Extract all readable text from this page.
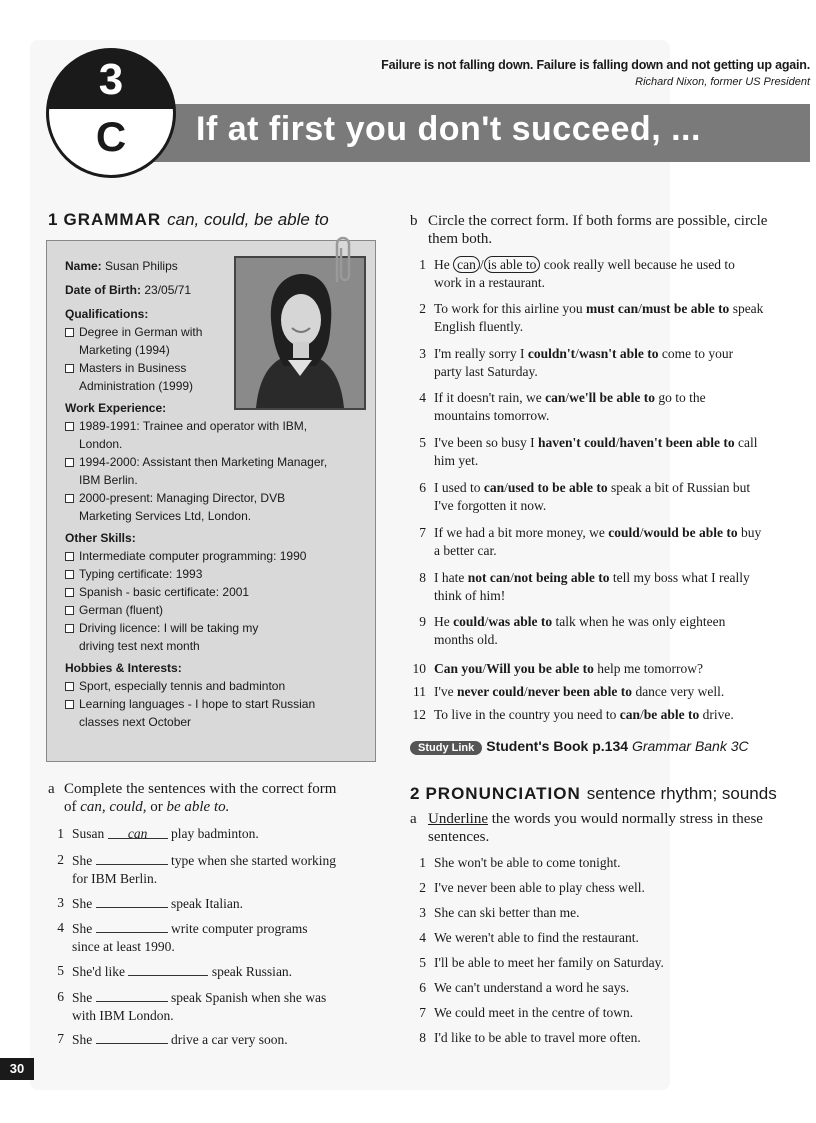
Failure is not falling down. Failure is falling down and not getting up again.
Richard Nixon, former US President
If at first you don't succeed, ...
3
C
1 GRAMMAR can, could, be able to

Name: Susan Philips

Date of Birth: 23/05/71

Qualifications:

Degree in German with

Marketing (1994)

Masters in Business

Administration (1999)

Work Experience:

1989-1991: Trainee and operator with IBM,

London.

1994-2000: Assistant then Marketing Manager,

IBM Berlin.

2000-present: Managing Director, DVB

Marketing Services Ltd, London.

Other Skills:

Intermediate computer programming: 1990

Typing certificate: 1993

Spanish - basic certificate: 2001

German (fluent)

Driving licence: I will be taking my

driving test next month

Hobbies & Interests:

Sport, especially tennis and badminton

Learning languages - I hope to start Russian

classes next October

a Complete the sentences with the correct form
of can, could, or be able to.
1 Susan can play badminton.
2 She	type when she started working
for IBM Berlin.
3 She	speak Italian.
4 She	write computer programs
since at least 1990.
5 She'd like	speak Russian.
6 She	speak Spanish when she was
with IBM London.
7 She	drive a car very soon.
b Circle the correct form. If both forms are possible, circle
them both.
1 He can / is able to cook really well because he used to
work in a restaurant.
2 To work for this airline you must can/must be able to speak
English fluently.
3 I'm really sorry I couldn't/wasn't able to come to your
party last Saturday.
4 If it doesn't rain, we can/we'll be able to go to the
mountains tomorrow.
5 I've been so busy I haven't could/haven't been able to call
him yet.
6 I used to can/used to be able to speak a bit of Russian but
I've forgotten it now.
7 If we had a bit more money, we could/would be able to buy
a better car.
8 I hate not can/not being able to tell my boss what I really
think of him!
9 He could/was able to talk when he was only eighteen
months old.
10 Can you/Will you be able to help me tomorrow?
11 I've never could/never been able to dance very well.
12 To live in the country you need to can/be able to drive.
Study Link Student's Book p.134 Grammar Bank 3C
2 PRONUNCIATION sentence rhythm; sounds
a Underline the words you would normally stress in these
sentences.
1 She won't be able to come tonight.
2 I've never been able to play chess well.
3 She can ski better than me.
4 We weren't able to find the restaurant.
5 I'll be able to meet her family on Saturday.
6 We can't understand a word he says.
7 We could meet in the centre of town.
8 I'd like to be able to travel more often.
30
